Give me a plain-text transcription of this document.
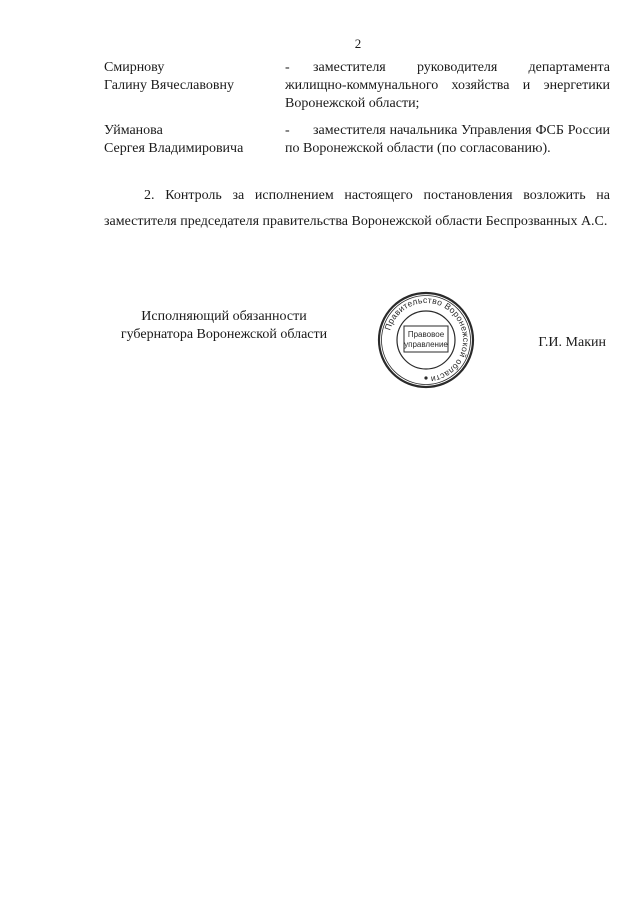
2
Смирнову
Галину Вячеславовну
-	заместителя руководителя департамента жилищно-коммунального хозяйства и энергетики Воронежской области;
Уйманова
Сергея Владимировича
-	заместителя начальника Управления ФСБ России по Воронежской области (по согласованию).
2. Контроль за исполнением настоящего постановления возложить на заместителя председателя правительства Воронежской области Беспрозванных А.С.
Исполняющий обязанности
губернатора Воронежской области
Правительство Воронежской области
Правовое
управление	Г.И. Макин
